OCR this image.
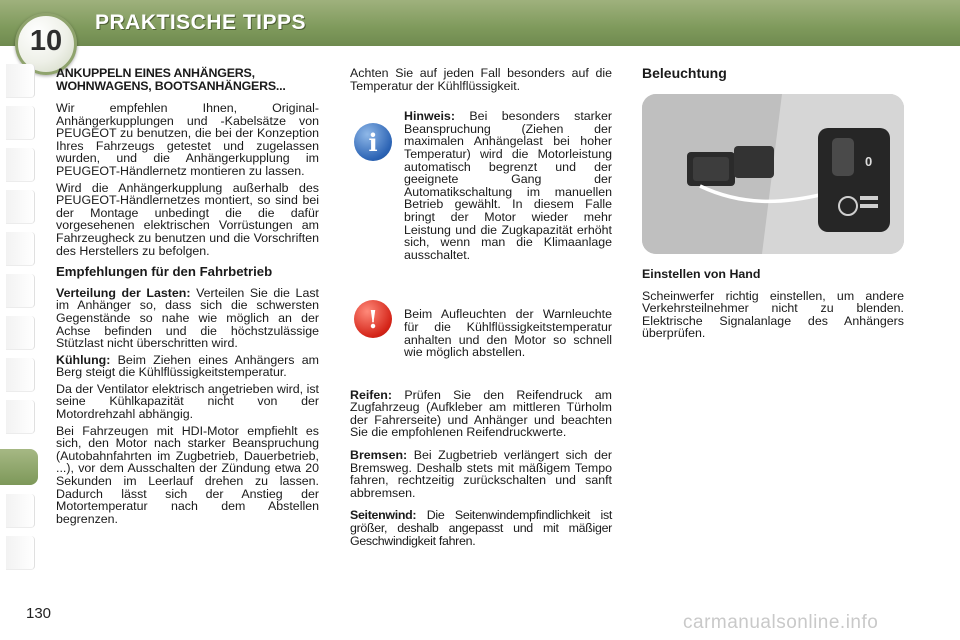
PRAKTISCHE TIPPS
10
ANKUPPELN EINES ANHÄNGERS,
WOHNWAGENS, BOOTSANHÄNGERS...

Wir empfehlen Ihnen, Original-Anhängerkupplungen und -Kabelsätze von PEUGEOT zu benutzen, die bei der Konzeption Ihres Fahrzeugs getestet und zugelassen wurden, und die Anhängerkupplung im PEUGEOT-Händlernetz montieren zu lassen.

Wird die Anhängerkupplung außerhalb des PEUGEOT-Händlernetzes montiert, so sind bei der Montage unbedingt die die dafür vorgesehenen elektrischen Vorrüstungen am Fahrzeugheck zu benutzen und die Vorschriften des Herstellers zu befolgen.

Empfehlungen für den Fahrbetrieb

Verteilung der Lasten: Verteilen Sie die Last im Anhänger so, dass sich die schwersten Gegenstände so nahe wie möglich an der Achse befinden und die höchstzulässige Stützlast nicht überschritten wird.

Kühlung: Beim Ziehen eines Anhängers am Berg steigt die Kühlflüssigkeitstemperatur.

Da der Ventilator elektrisch angetrieben wird, ist seine Kühlkapazität nicht von der Motordrehzahl abhängig.

Bei Fahrzeugen mit HDI-Motor empfiehlt es sich, den Motor nach starker Beanspruchung (Autobahnfahrten im Zugbetrieb, Dauerbetrieb, ...), vor dem Ausschalten der Zündung etwa 20 Sekunden im Leerlauf drehen zu lassen. Dadurch lässt sich der Anstieg der Motortemperatur nach dem Abstellen begrenzen.

Achten Sie auf jeden Fall besonders auf die Temperatur der Kühlflüssigkeit.

Hinweis: Bei besonders starker Beanspruchung (Ziehen der maximalen Anhängelast bei hoher Temperatur) wird die Motorleistung automatisch begrenzt und der geeignete Gang der Automatikschaltung im manuellen Betrieb gewählt. In diesem Falle bringt der Motor wieder mehr Leistung und die Zugkapazität erhöht sich, wenn man die Klimaanlage ausschaltet.

Beim Aufleuchten der Warnleuchte für die Kühlflüssigkeitstemperatur anhalten und den Motor so schnell wie möglich abstellen.

Reifen: Prüfen Sie den Reifendruck am Zugfahrzeug (Aufkleber am mittleren Türholm der Fahrerseite) und Anhänger und beachten Sie die empfohlenen Reifendruckwerte.

Bremsen: Bei Zugbetrieb verlängert sich der Bremsweg. Deshalb stets mit mäßigem Tempo fahren, rechtzeitig zurückschalten und sanft abbremsen.

Seitenwind: Die Seitenwindempfindlichkeit ist größer, deshalb angepasst und mit mäßiger Geschwindigkeit fahren.

i
!
Beleuchtung
0
Einstellen von Hand

Scheinwerfer richtig einstellen, um andere Verkehrsteilnehmer nicht zu blenden. Elektrische Signalanlage des Anhängers überprüfen.

130	carmanualsonline.info
